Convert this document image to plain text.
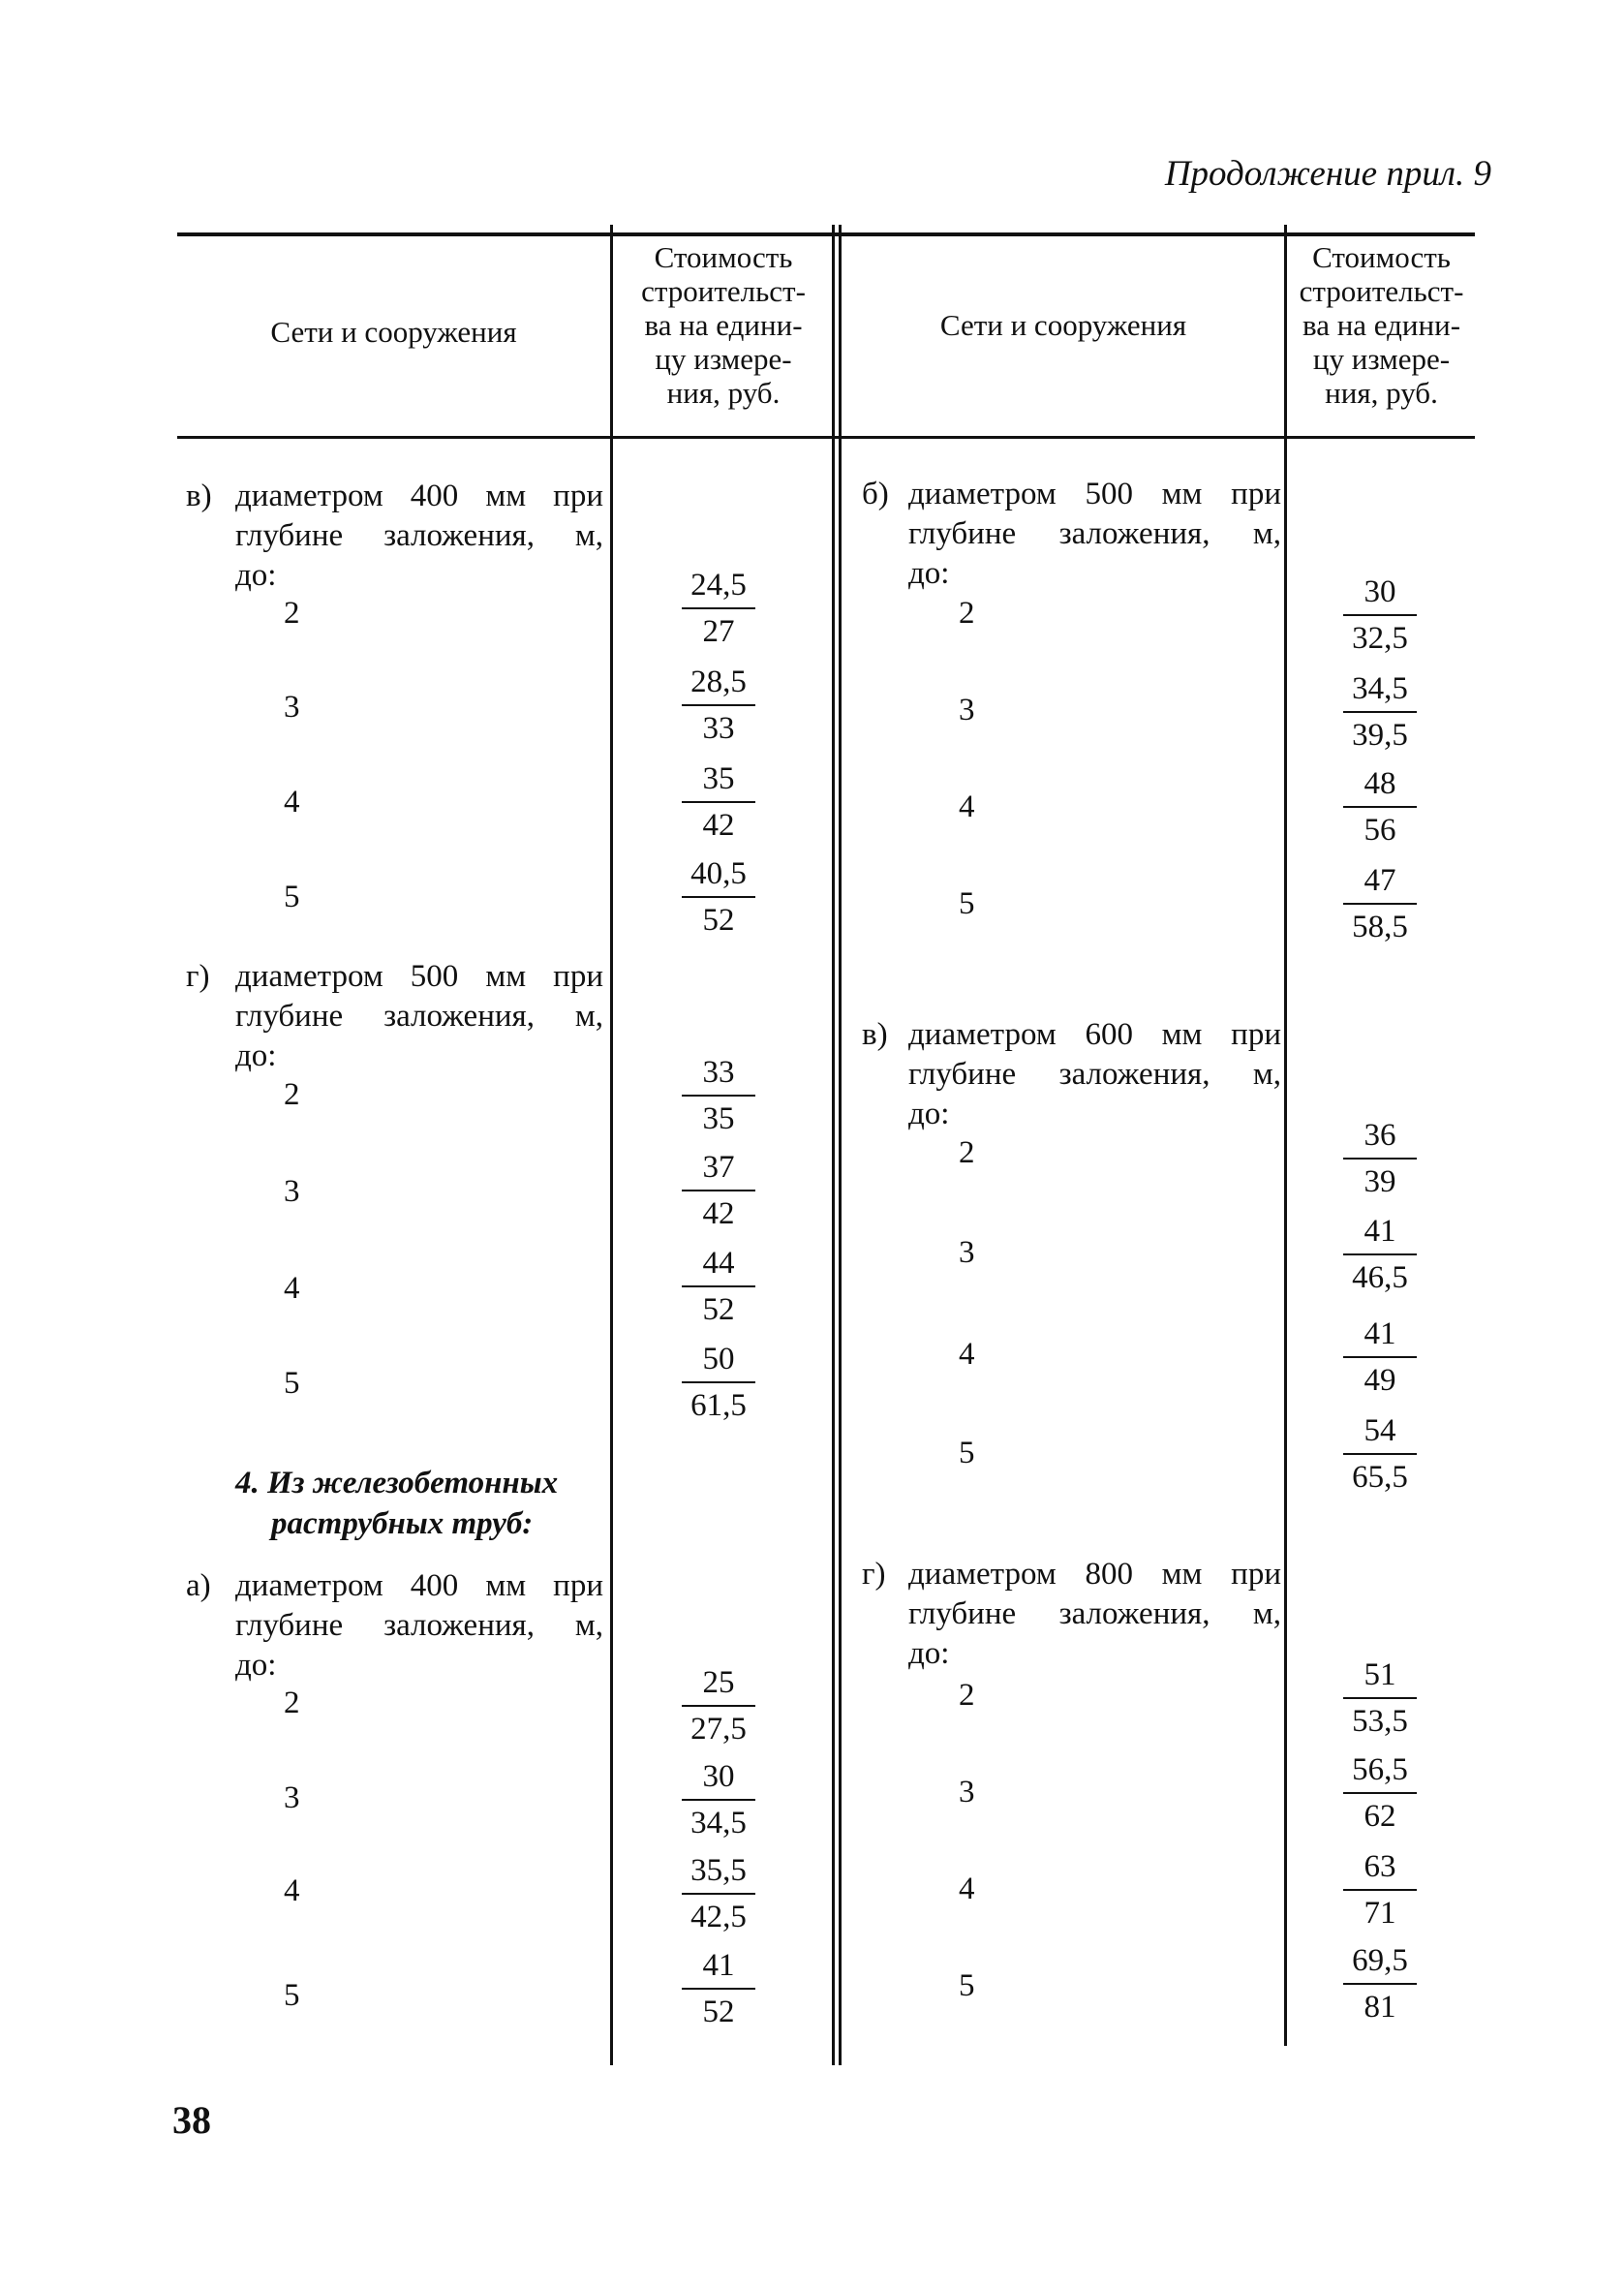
Продолжение прил. 9
Сети и сооружения
Стоимость
строительст-
ва на едини-
цу измере-
ния, руб.
Сети и сооружения
Стоимость
строительст-
ва на едини-
цу измере-
ния, руб.
в) диаметром 400 мм при
глубине заложения, м,
до:
2
24,5
27
3
28,5
33
4
35
42
5
40,5
52
г) диаметром 500 мм при
глубине заложения, м,
до:
2
33
35
3
37
42
4
44
52
5
50
61,5
4. Из железобетонных
раструбных труб:
а) диаметром 400 мм при
глубине заложения, м,
до:
2
25
27,5
3
30
34,5
4
35,5
42,5
5
41
52
б) диаметром 500 мм при
глубине заложения, м,
до:
2
30
32,5
3
34,5
39,5
4
48
56
5
47
58,5
в) диаметром 600 мм при
глубине заложения, м,
до:
2	36
39
3
41
46,5
4
41
49
5
54
65,5
г) диаметром 800 мм при
глубине заложения, м,
до:
2
51
53,5
3
56,5
62
4
63
71
5
69,5
81
38
